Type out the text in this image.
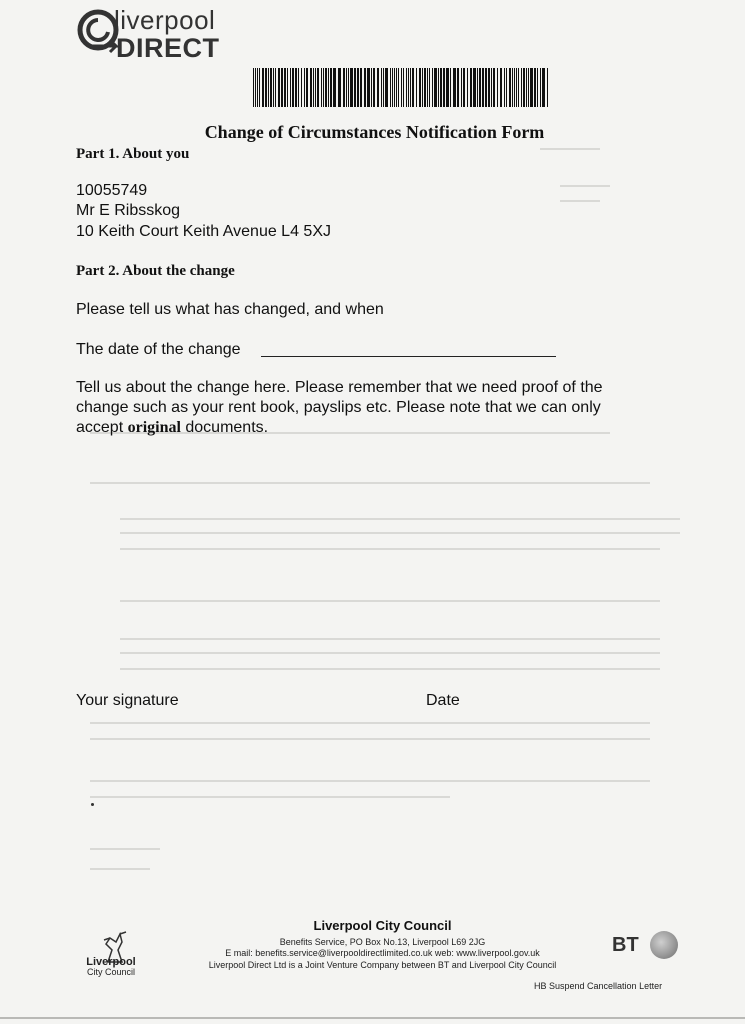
liverpool
DIRECT
Change of Circumstances Notification Form
Part 1. About you
10055749
Mr E Ribsskog
10 Keith Court Keith Avenue L4 5XJ
Part 2. About the change
Please tell us what has changed, and when
The date of the change
Tell us about the change here. Please remember that we need proof of the
change such as your rent book, payslips etc. Please note that we can only
accept original documents.
Your signature	Date
Liverpool
City Council
Liverpool City Council
Benefits Service, PO Box No.13, Liverpool L69 2JG
E mail: benefits.service@liverpooldirectlimited.co.uk web: www.liverpool.gov.uk
Liverpool Direct Ltd is a Joint Venture Company between BT and Liverpool City Council
BT
HB Suspend Cancellation Letter
